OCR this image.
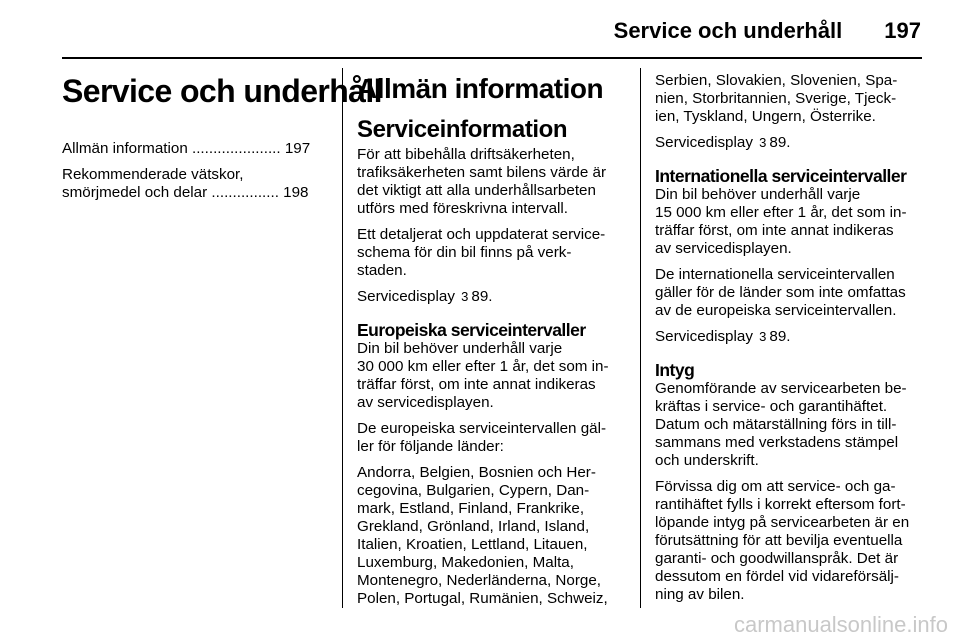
Service och underhåll 197
Service och underhåll
Allmän information ..................... 197
Rekommenderade vätskor,
smörjmedel och delar ................ 198
Allmän information
Serviceinformation

För att bibehålla driftsäkerheten,
trafiksäkerheten samt bilens värde är
det viktigt att alla underhållsarbeten
utförs med föreskrivna intervall.

Ett detaljerat och uppdaterat service-
schema för din bil finns på verk-
staden.

Servicedisplay 3 89.

Europeiska serviceintervaller

Din bil behöver underhåll varje
30 000 km eller efter 1 år, det som in-
träffar först, om inte annat indikeras
av servicedisplayen.

De europeiska serviceintervallen gäl-
ler för följande länder:

Andorra, Belgien, Bosnien och Her-
cegovina, Bulgarien, Cypern, Dan-
mark, Estland, Finland, Frankrike,
Grekland, Grönland, Irland, Island,
Italien, Kroatien, Lettland, Litauen,
Luxemburg, Makedonien, Malta,
Montenegro, Nederländerna, Norge,
Polen, Portugal, Rumänien, Schweiz,

Serbien, Slovakien, Slovenien, Spa-
nien, Storbritannien, Sverige, Tjeck-
ien, Tyskland, Ungern, Österrike.

Servicedisplay 3 89.

Internationella serviceintervaller

Din bil behöver underhåll varje
15 000 km eller efter 1 år, det som in-
träffar först, om inte annat indikeras
av servicedisplayen.

De internationella serviceintervallen
gäller för de länder som inte omfattas
av de europeiska serviceintervallen.

Servicedisplay 3 89.

Intyg

Genomförande av servicearbeten be-
kräftas i service- och garantihäftet.
Datum och mätarställning förs in till-
sammans med verkstadens stämpel
och underskrift.

Förvissa dig om att service- och ga-
rantihäftet fylls i korrekt eftersom fort-
löpande intyg på servicearbeten är en
förutsättning för att bevilja eventuella
garanti- och goodwillanspråk. Det är
dessutom en fördel vid vidareförsälj-
ning av bilen.

carmanualsonline.info
